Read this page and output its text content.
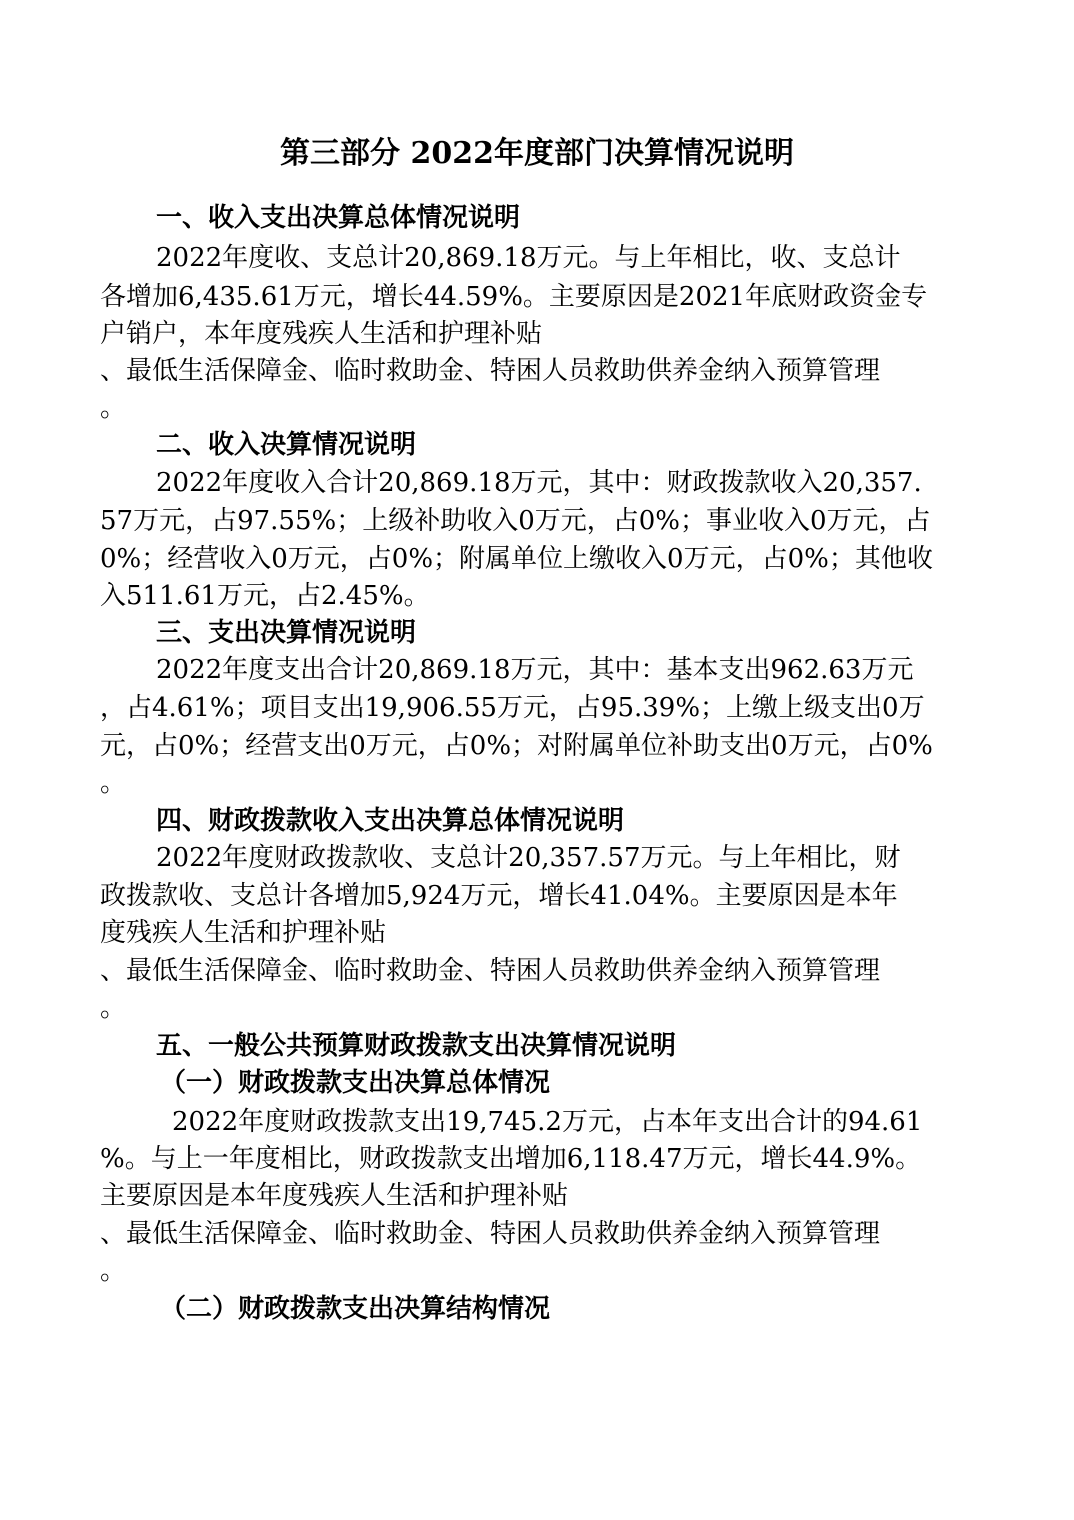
第三部分 2022年度部门决算情况说明
一、收入支出决算总体情况说明
2022年度收、支总计20,869.18万元。与上年相比，收、支总计
各增加6,435.61万元，增长44.59%。主要原因是2021年底财政资金专
户销户，本年度残疾人生活和护理补贴
、最低生活保障金、临时救助金、特困人员救助供养金纳入预算管理
。
二、收入决算情况说明
2022年度收入合计20,869.18万元，其中：财政拨款收入20,357.
57万元，占97.55%；上级补助收入0万元，占0%；事业收入0万元，占
0%；经营收入0万元，占0%；附属单位上缴收入0万元，占0%；其他收
入511.61万元，占2.45%。
三、支出决算情况说明
2022年度支出合计20,869.18万元，其中：基本支出962.63万元
，占4.61%；项目支出19,906.55万元，占95.39%；上缴上级支出0万
元，占0%；经营支出0万元，占0%；对附属单位补助支出0万元，占0%
。
四、财政拨款收入支出决算总体情况说明
2022年度财政拨款收、支总计20,357.57万元。与上年相比，财
政拨款收、支总计各增加5,924万元，增长41.04%。主要原因是本年
度残疾人生活和护理补贴
、最低生活保障金、临时救助金、特困人员救助供养金纳入预算管理
。
五、一般公共预算财政拨款支出决算情况说明
（一）财政拨款支出决算总体情况
2022年度财政拨款支出19,745.2万元，占本年支出合计的94.61
%。与上一年度相比，财政拨款支出增加6,118.47万元，增长44.9%。
主要原因是本年度残疾人生活和护理补贴
、最低生活保障金、临时救助金、特困人员救助供养金纳入预算管理
。
（二）财政拨款支出决算结构情况
